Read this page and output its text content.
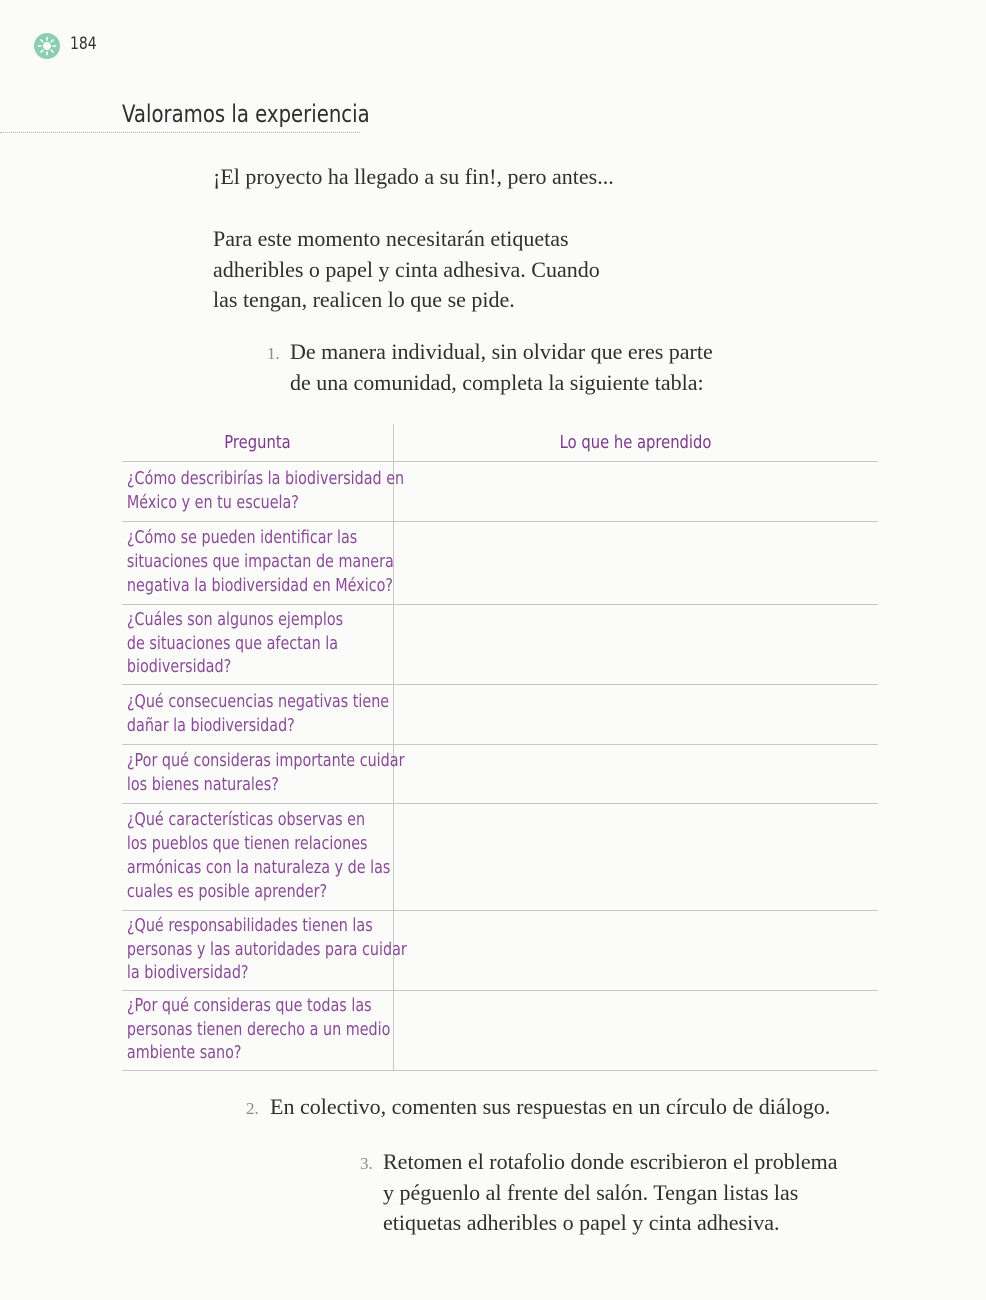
184
Valoramos la experiencia
¡El proyecto ha llegado a su fin!, pero antes...
Para este momento necesitarán etiquetas
adheribles o papel y cinta adhesiva. Cuando
las tengan, realicen lo que se pide.
1. De manera individual, sin olvidar que eres parte
de una comunidad, completa la siguiente tabla:
Pregunta	Lo que he aprendido

¿Cómo describirías la biodiversidad en
México y en tu escuela?	

¿Cómo se pueden identificar las
situaciones que impactan de manera
negativa la biodiversidad en México?	

¿Cuáles son algunos ejemplos
de situaciones que afectan la
biodiversidad?	

¿Qué consecuencias negativas tiene
dañar la biodiversidad?	

¿Por qué consideras importante cuidar
los bienes naturales?	

¿Qué características observas en
los pueblos que tienen relaciones
armónicas con la naturaleza y de las
cuales es posible aprender?	

¿Qué responsabilidades tienen las
personas y las autoridades para cuidar
la biodiversidad?	

¿Por qué consideras que todas las
personas tienen derecho a un medio
ambiente sano?	

2. En colectivo, comenten sus respuestas en un círculo de diálogo.
3. Retomen el rotafolio donde escribieron el problema
y péguenlo al frente del salón. Tengan listas las
etiquetas adheribles o papel y cinta adhesiva.
